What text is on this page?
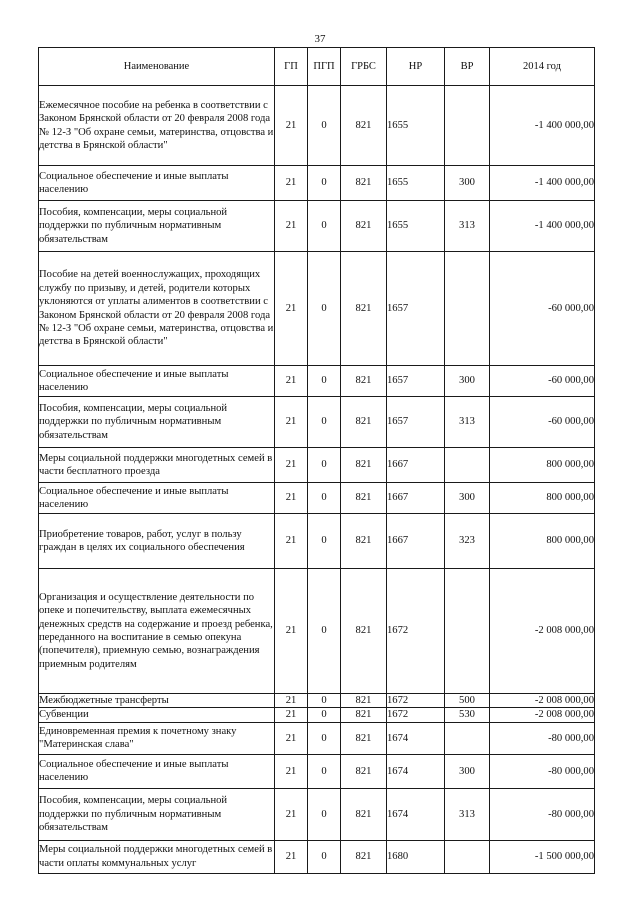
37
Наименование	ГП	ПГП	ГРБС	НР	ВР	2014 год
Ежемесячное пособие на ребенка в соответствии с Законом Брянской области от 20 февраля 2008 года № 12-З "Об охране семьи, материнства, отцовства и детства в Брянской области"	21	0	821	1655		-1 400 000,00
Социальное обеспечение и иные выплаты населению	21	0	821	1655	300	-1 400 000,00
Пособия, компенсации, меры социальной поддержки по публичным нормативным обязательствам	21	0	821	1655	313	-1 400 000,00
Пособие на детей военнослужащих, проходящих службу по призыву, и детей, родители которых уклоняются от уплаты алиментов в соответствии с Законом Брянской области от 20 февраля 2008 года № 12-З "Об охране семьи, материнства, отцовства и детства в Брянской области"	21	0	821	1657		-60 000,00
Социальное обеспечение и иные выплаты населению	21	0	821	1657	300	-60 000,00
Пособия, компенсации, меры социальной поддержки по публичным нормативным обязательствам	21	0	821	1657	313	-60 000,00
Меры социальной поддержки многодетных семей в части бесплатного проезда	21	0	821	1667		800 000,00
Социальное обеспечение и иные выплаты населению	21	0	821	1667	300	800 000,00
Приобретение товаров, работ, услуг в пользу граждан в целях их социального обеспечения	21	0	821	1667	323	800 000,00
Организация и осуществление деятельности по опеке и попечительству, выплата ежемесячных денежных средств на содержание и проезд ребенка, переданного на воспитание в семью опекуна (попечителя), приемную семью, вознаграждения приемным родителям	21	0	821	1672		-2 008 000,00
Межбюджетные трансферты	21	0	821	1672	500	-2 008 000,00
Субвенции	21	0	821	1672	530	-2 008 000,00
Единовременная премия к почетному знаку "Материнская слава"	21	0	821	1674		-80 000,00
Социальное обеспечение и иные выплаты населению	21	0	821	1674	300	-80 000,00
Пособия, компенсации, меры социальной поддержки по публичным нормативным обязательствам	21	0	821	1674	313	-80 000,00
Меры социальной поддержки многодетных семей в части оплаты коммунальных услуг	21	0	821	1680		-1 500 000,00
